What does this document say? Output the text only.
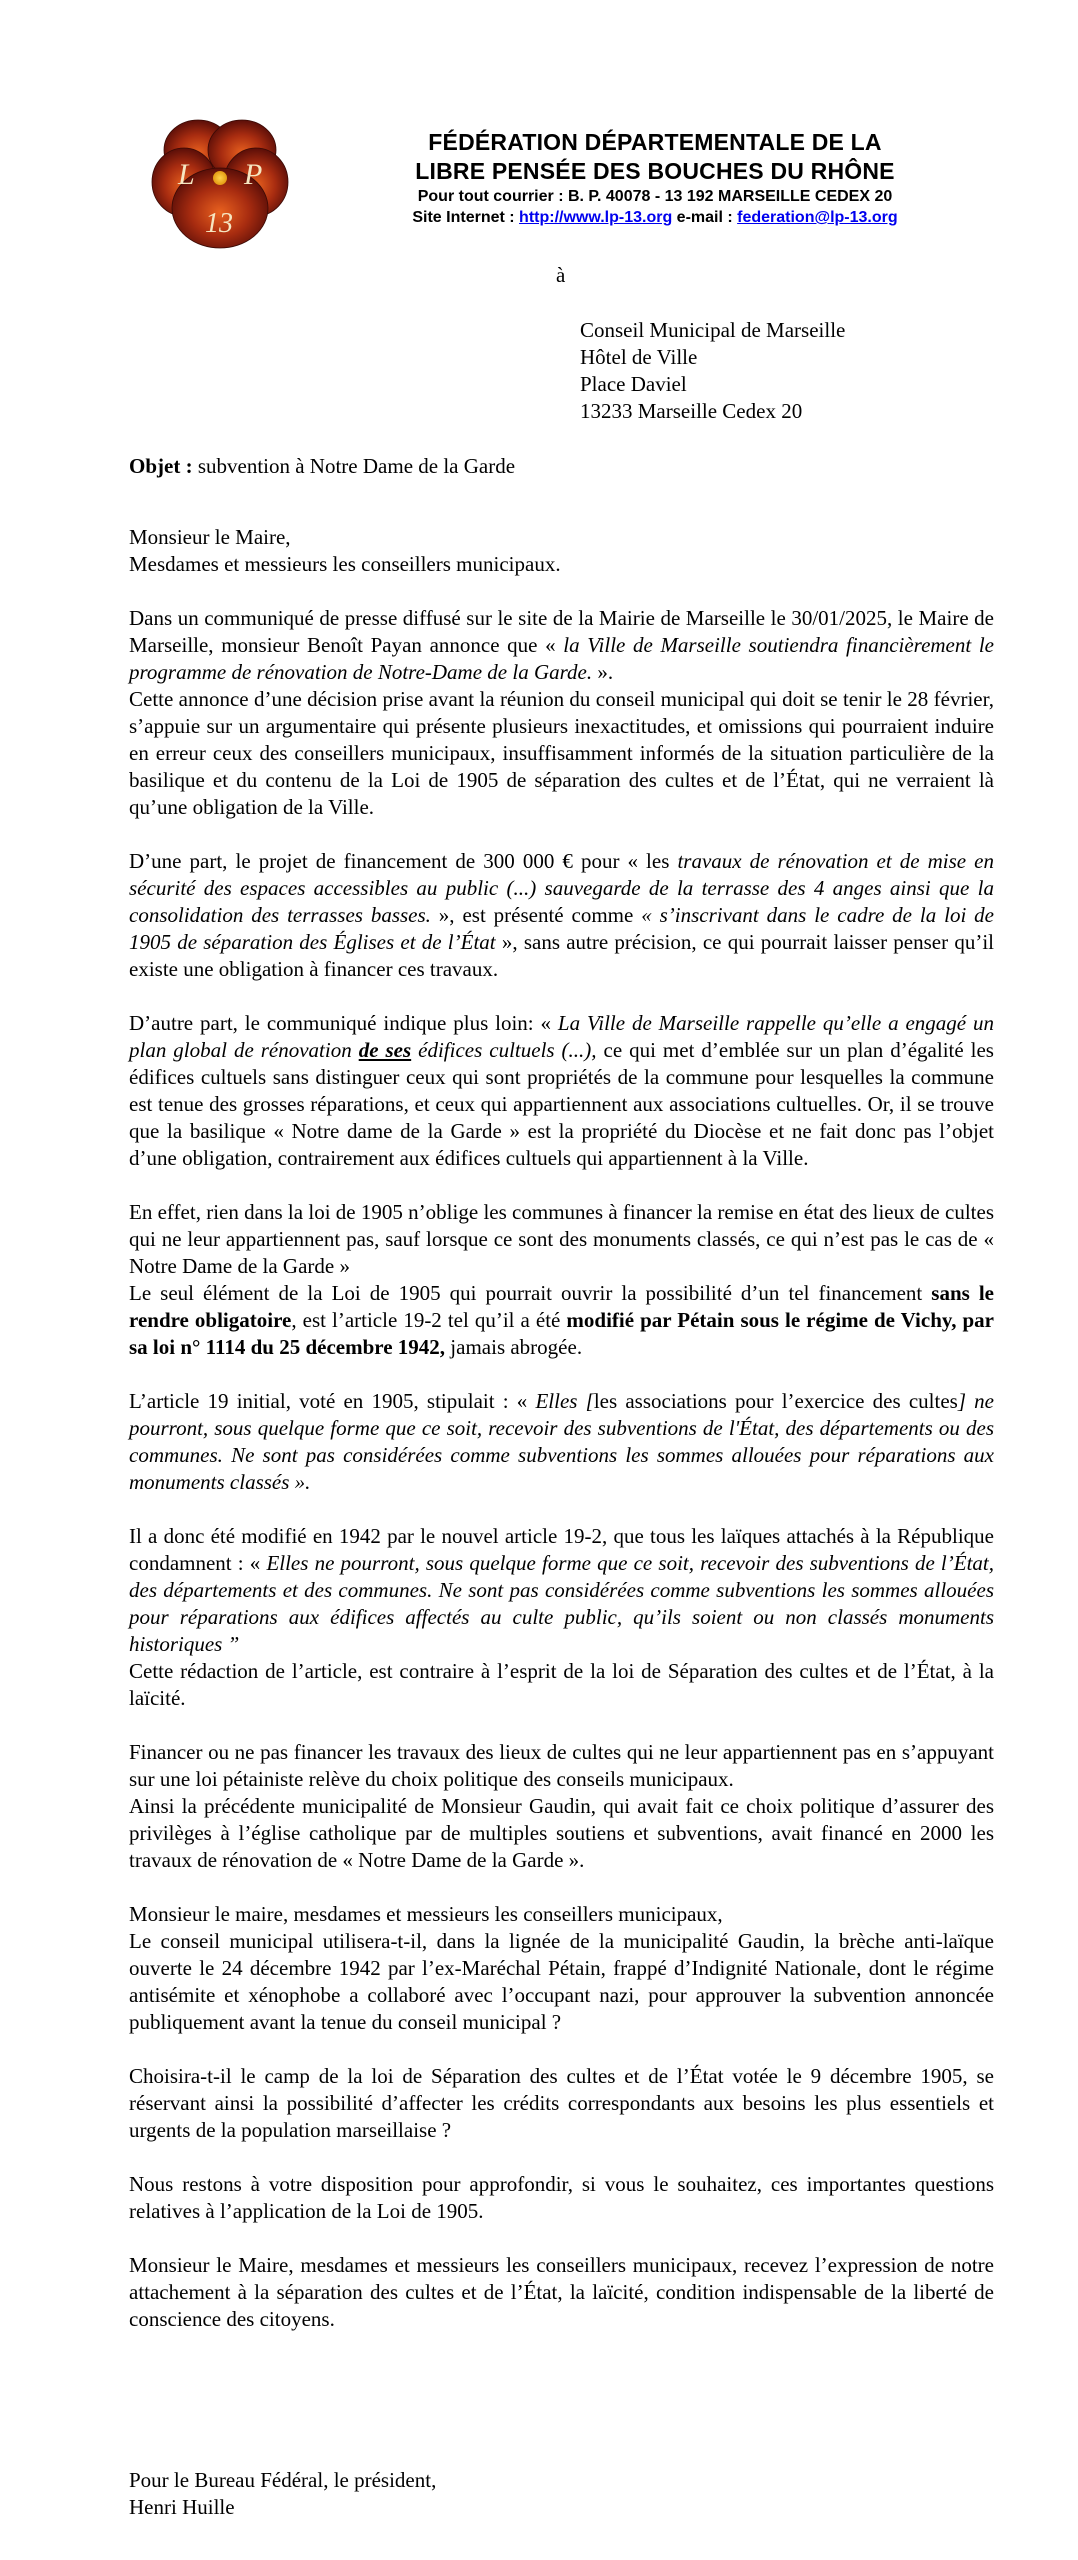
L P
13
FÉDÉRATION DÉPARTEMENTALE DE LA
LIBRE PENSÉE DES BOUCHES DU RHÔNE
Pour tout courrier : B. P. 40078 - 13 192 MARSEILLE CEDEX 20
Site Internet : http://www.lp-13.org e-mail : federation@lp-13.org
à
Conseil Municipal de Marseille
Hôtel de Ville
Place Daviel
13233 Marseille Cedex 20
Objet : subvention à Notre Dame de la Garde

Monsieur le Maire,
Mesdames et messieurs les conseillers municipaux.

Dans un communiqué de presse diffusé sur le site de la Mairie de Marseille le 30/01/2025, le Maire de Marseille, monsieur Benoît Payan annonce que « la Ville de Marseille soutiendra financièrement le programme de rénovation de Notre-Dame de la Garde. ».

Cette annonce d’une décision prise avant la réunion du conseil municipal qui doit se tenir le 28 février, s’appuie sur un argumentaire qui présente plusieurs inexactitudes, et omissions qui pourraient induire en erreur ceux des conseillers municipaux, insuffisamment informés de la situation particulière de la basilique et du contenu de la Loi de 1905 de séparation des cultes et de l’État, qui ne verraient là qu’une obligation de la Ville.

D’une part, le projet de financement de 300 000 € pour « les travaux de rénovation et de mise en sécurité des espaces accessibles au public (...) sauvegarde de la terrasse des 4 anges ainsi que la consolidation des terrasses basses. », est présenté comme « s’inscrivant dans le cadre de la loi de 1905 de séparation des Églises et de l’État », sans autre précision, ce qui pourrait laisser penser qu’il existe une obligation à financer ces travaux.

D’autre part, le communiqué indique plus loin: « La Ville de Marseille rappelle qu’elle a engagé un plan global de rénovation de ses édifices cultuels (...), ce qui met d’emblée sur un plan d’égalité les édifices cultuels sans distinguer ceux qui sont propriétés de la commune pour lesquelles la commune est tenue des grosses réparations, et ceux qui appartiennent aux associations cultuelles. Or, il se trouve que la basilique « Notre dame de la Garde » est la propriété du Diocèse et ne fait donc pas l’objet d’une obligation, contrairement aux édifices cultuels qui appartiennent à la Ville.

En effet, rien dans la loi de 1905 n’oblige les communes à financer la remise en état des lieux de cultes qui ne leur appartiennent pas, sauf lorsque ce sont des monuments classés, ce qui n’est pas le cas de « Notre Dame de la Garde »

Le seul élément de la Loi de 1905 qui pourrait ouvrir la possibilité d’un tel financement sans le rendre obligatoire, est l’article 19-2 tel qu’il a été modifié par Pétain sous le régime de Vichy, par sa loi n° 1114 du 25 décembre 1942, jamais abrogée.

L’article 19 initial, voté en 1905, stipulait : « Elles [les associations pour l’exercice des cultes] ne pourront, sous quelque forme que ce soit, recevoir des subventions de l'État, des départements ou des communes. Ne sont pas considérées comme subventions les sommes allouées pour réparations aux monuments classés ».

Il a donc été modifié en 1942 par le nouvel article 19-2, que tous les laïques attachés à la République condamnent : « Elles ne pourront, sous quelque forme que ce soit, recevoir des subventions de l’État, des départements et des communes. Ne sont pas considérées comme subventions les sommes allouées pour réparations aux édifices affectés au culte public, qu’ils soient ou non classés monuments historiques ”

Cette rédaction de l’article, est contraire à l’esprit de la loi de Séparation des cultes et de l’État, à la laïcité.

Financer ou ne pas financer les travaux des lieux de cultes qui ne leur appartiennent pas en s’appuyant sur une loi pétainiste relève du choix politique des conseils municipaux.

Ainsi la précédente municipalité de Monsieur Gaudin, qui avait fait ce choix politique d’assurer des privilèges à l’église catholique par de multiples soutiens et subventions, avait financé en 2000 les travaux de rénovation de « Notre Dame de la Garde ».

Monsieur le maire, mesdames et messieurs les conseillers municipaux,

Le conseil municipal utilisera-t-il, dans la lignée de la municipalité Gaudin, la brèche anti-laïque ouverte le 24 décembre 1942 par l’ex-Maréchal Pétain, frappé d’Indignité Nationale, dont le régime antisémite et xénophobe a collaboré avec l’occupant nazi, pour approuver la subvention annoncée publiquement avant la tenue du conseil municipal ?

Choisira-t-il le camp de la loi de Séparation des cultes et de l’État votée le 9 décembre 1905, se réservant ainsi la possibilité d’affecter les crédits correspondants aux besoins les plus essentiels et urgents de la population marseillaise ?

Nous restons à votre disposition pour approfondir, si vous le souhaitez, ces importantes questions relatives à l’application de la Loi de 1905.

Monsieur le Maire, mesdames et messieurs les conseillers municipaux, recevez l’expression de notre attachement à la séparation des cultes et de l’État, la laïcité, condition indispensable de la liberté de conscience des citoyens.

Pour le Bureau Fédéral, le président,
Henri Huille
